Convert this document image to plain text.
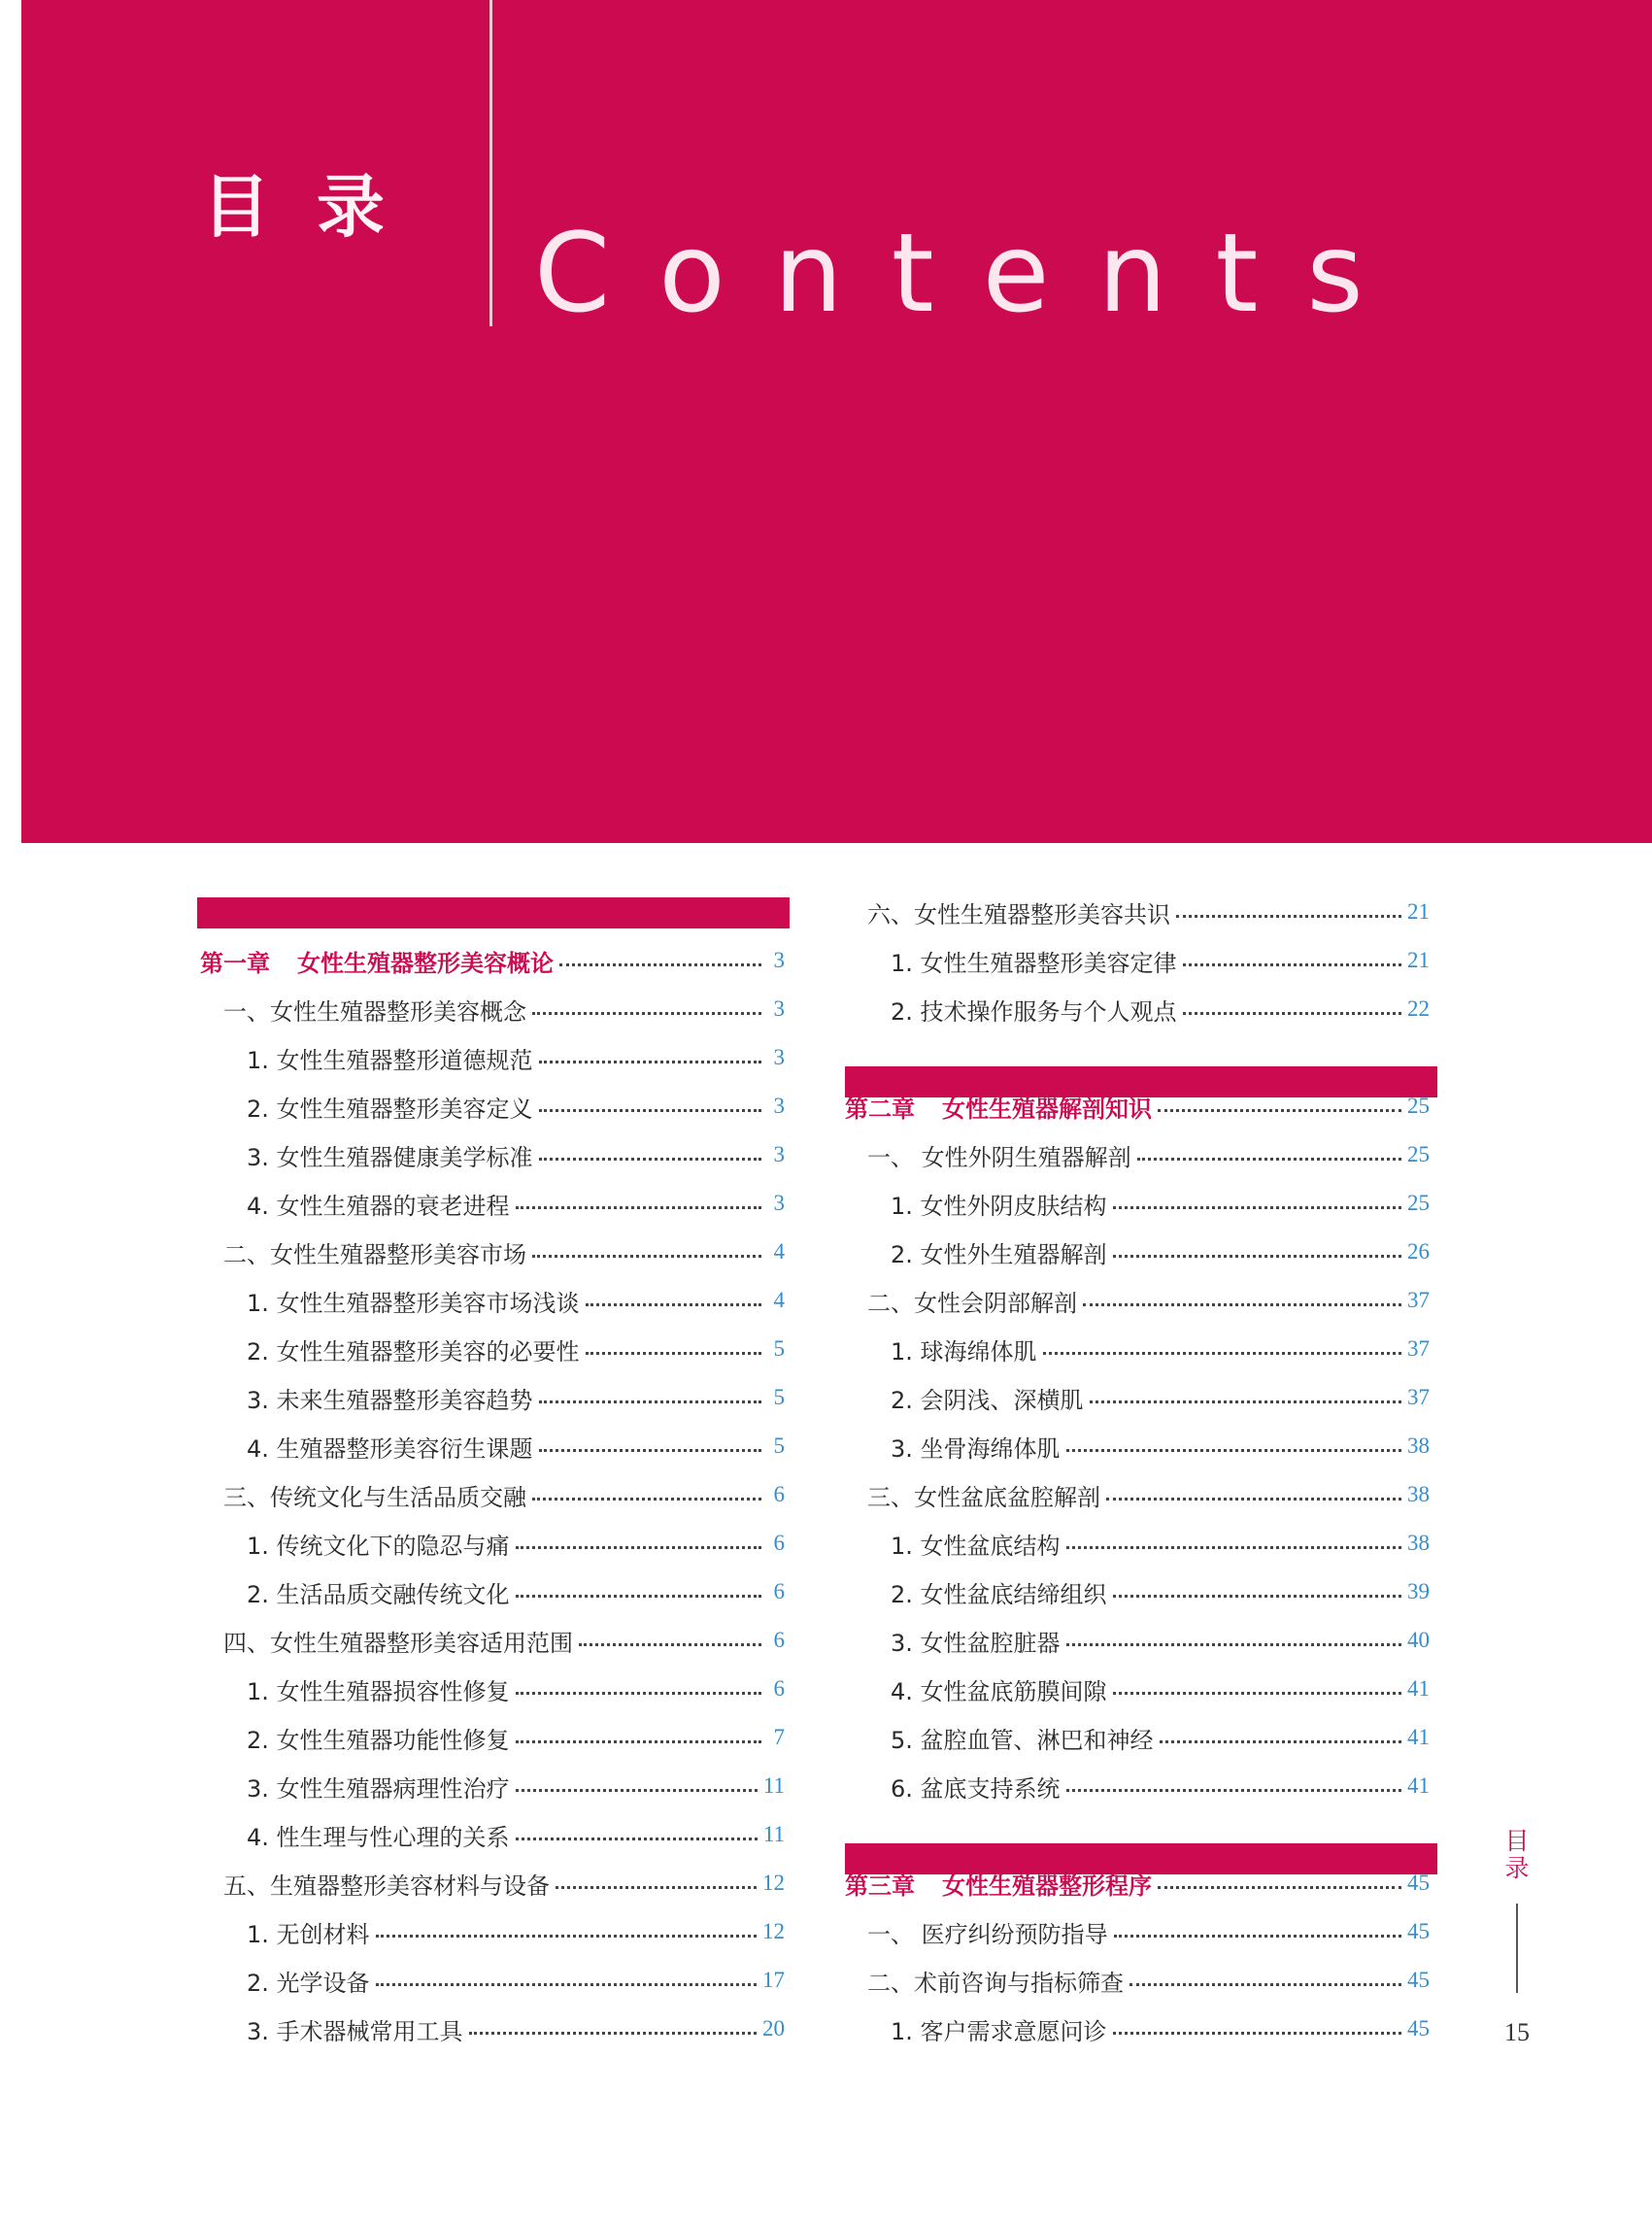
目录
Contents
第一章 女性生殖器整形美容概论	3
一、女性生殖器整形美容概念	3
1. 女性生殖器整形道德规范	3
2. 女性生殖器整形美容定义	3
3. 女性生殖器健康美学标准	3
4. 女性生殖器的衰老进程	3
二、女性生殖器整形美容市场	4
1. 女性生殖器整形美容市场浅谈	4
2. 女性生殖器整形美容的必要性	5
3. 未来生殖器整形美容趋势	5
4. 生殖器整形美容衍生课题	5
三、传统文化与生活品质交融	6
1. 传统文化下的隐忍与痛	6
2. 生活品质交融传统文化	6
四、女性生殖器整形美容适用范围	6
1. 女性生殖器损容性修复	6
2. 女性生殖器功能性修复	7
3. 女性生殖器病理性治疗	11
4. 性生理与性心理的关系	11
五、生殖器整形美容材料与设备	12
1. 无创材料	12
2. 光学设备	17
3. 手术器械常用工具	20
六、女性生殖器整形美容共识	21
1. 女性生殖器整形美容定律	21
2. 技术操作服务与个人观点	22
第二章 女性生殖器解剖知识	25
一、 女性外阴生殖器解剖	25
1. 女性外阴皮肤结构	25
2. 女性外生殖器解剖	26
二、女性会阴部解剖	37
1. 球海绵体肌	37
2. 会阴浅、深横肌	37
3. 坐骨海绵体肌	38
三、女性盆底盆腔解剖	38
1. 女性盆底结构	38
2. 女性盆底结缔组织	39
3. 女性盆腔脏器	40
4. 女性盆底筋膜间隙	41
5. 盆腔血管、淋巴和神经	41
6. 盆底支持系统	41
第三章 女性生殖器整形程序	45
一、 医疗纠纷预防指导	45
二、术前咨询与指标筛查	45
1. 客户需求意愿问诊	45
目录
15
